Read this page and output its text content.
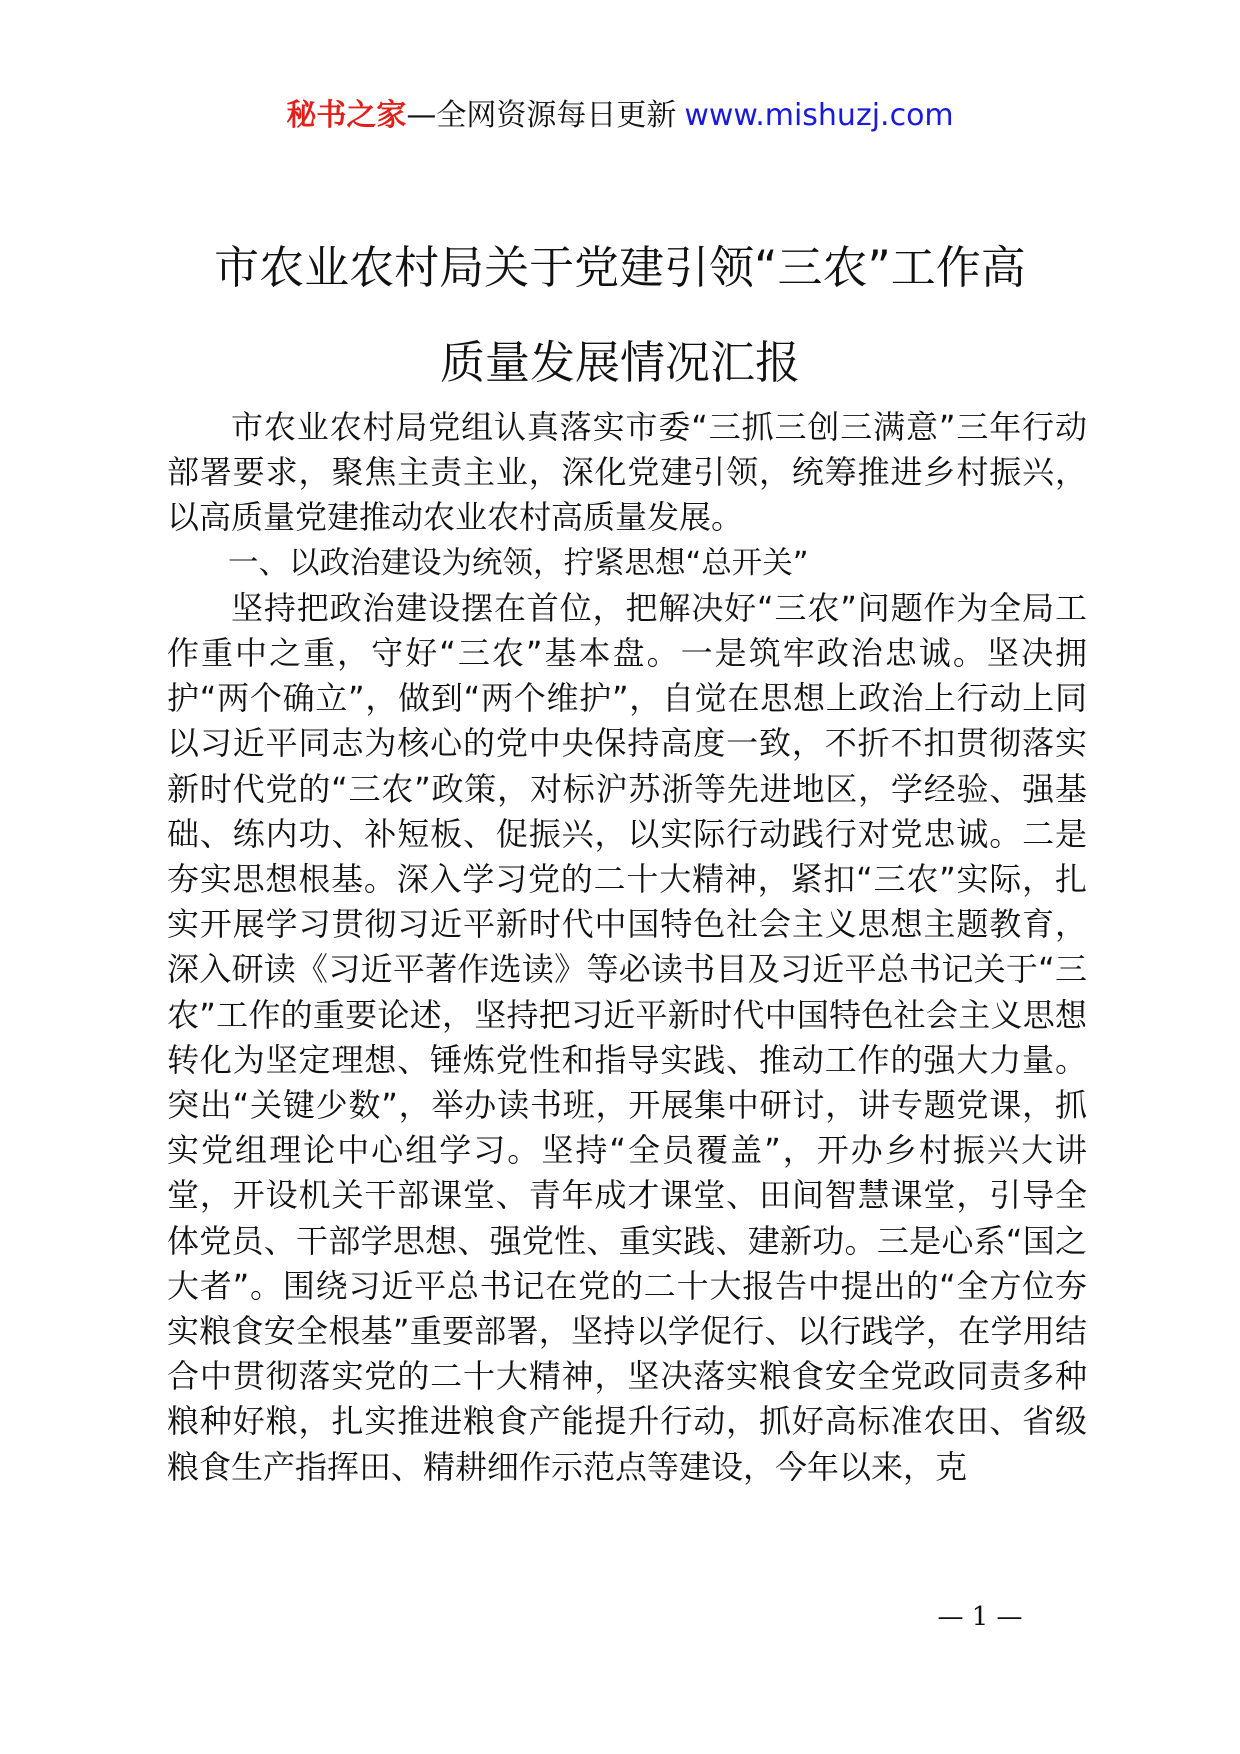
秘书之家—全网资源每日更新 www.mishuzj.com
市农业农村局关于党建引领“三农”工作高
质量发展情况汇报

市农业农村局党组认真落实市委“三抓三创三满意”三年行动部署要求，聚焦主责主业，深化党建引领，统筹推进乡村振兴，以高质量党建推动农业农村高质量发展。

一、以政治建设为统领，拧紧思想“总开关”

坚持把政治建设摆在首位，把解决好“三农”问题作为全局工作重中之重，守好“三农”基本盘。一是筑牢政治忠诚。坚决拥护“两个确立”，做到“两个维护”，自觉在思想上政治上行动上同以习近平同志为核心的党中央保持高度一致，不折不扣贯彻落实新时代党的“三农”政策，对标沪苏浙等先进地区，学经验、强基础、练内功、补短板、促振兴，以实际行动践行对党忠诚。二是夯实思想根基。深入学习党的二十大精神，紧扣“三农”实际，扎实开展学习贯彻习近平新时代中国特色社会主义思想主题教育，深入研读《习近平著作选读》等必读书目及习近平总书记关于“三农”工作的重要论述，坚持把习近平新时代中国特色社会主义思想转化为坚定理想、锤炼党性和指导实践、推动工作的强大力量。突出“关键少数”，举办读书班，开展集中研讨，讲专题党课，抓实党组理论中心组学习。坚持“全员覆盖”，开办乡村振兴大讲堂，开设机关干部课堂、青年成才课堂、田间智慧课堂，引导全体党员、干部学思想、强党性、重实践、建新功。三是心系“国之大者”。围绕习近平总书记在党的二十大报告中提出的“全方位夯实粮食安全根基”重要部署，坚持以学促行、以行践学，在学用结合中贯彻落实党的二十大精神，坚决落实粮食安全党政同责多种粮种好粮，扎实推进粮食产能提升行动，抓好高标准农田、省级粮食生产指挥田、精耕细作示范点等建设，今年以来，克

— 1 —
